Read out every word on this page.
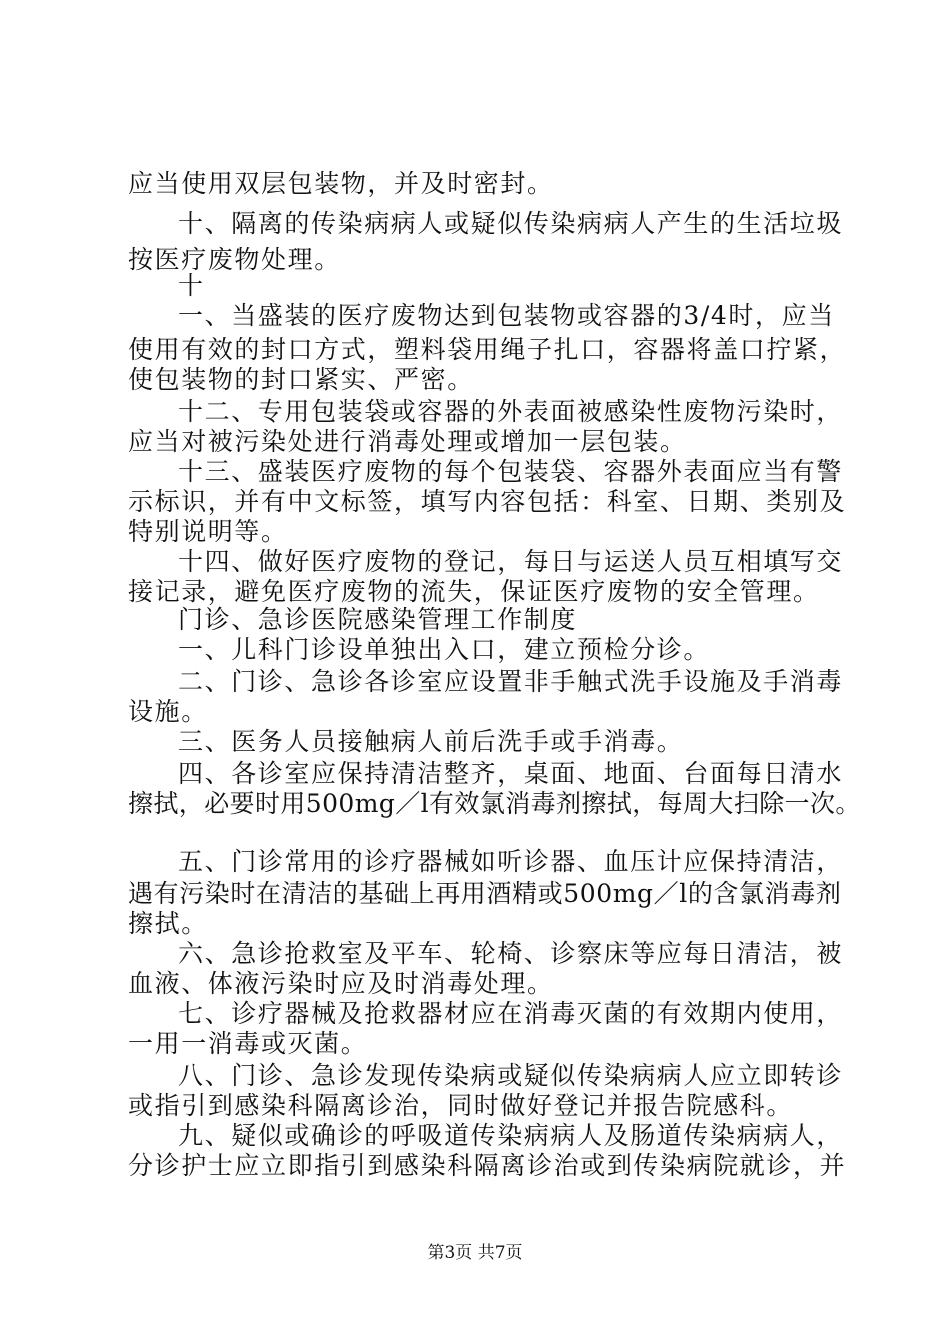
应当使用双层包装物，并及时密封。
十、隔离的传染病病人或疑似传染病病人产生的生活垃圾
按医疗废物处理。
十
一、当盛装的医疗废物达到包装物或容器的3/4时，应当
使用有效的封口方式，塑料袋用绳子扎口，容器将盖口拧紧，
使包装物的封口紧实、严密。
十二、专用包装袋或容器的外表面被感染性废物污染时，
应当对被污染处进行消毒处理或增加一层包装。
十三、盛装医疗废物的每个包装袋、容器外表面应当有警
示标识，并有中文标签，填写内容包括：科室、日期、类别及
特别说明等。
十四、做好医疗废物的登记，每日与运送人员互相填写交
接记录，避免医疗废物的流失，保证医疗废物的安全管理。
门诊、急诊医院感染管理工作制度
一、儿科门诊设单独出入口，建立预检分诊。
二、门诊、急诊各诊室应设置非手触式洗手设施及手消毒
设施。
三、医务人员接触病人前后洗手或手消毒。
四、各诊室应保持清洁整齐，桌面、地面、台面每日清水
擦拭，必要时用500mg／l有效氯消毒剂擦拭，每周大扫除一次。
五、门诊常用的诊疗器械如听诊器、血压计应保持清洁，
遇有污染时在清洁的基础上再用酒精或500mg／l的含氯消毒剂
擦拭。
六、急诊抢救室及平车、轮椅、诊察床等应每日清洁，被
血液、体液污染时应及时消毒处理。
七、诊疗器械及抢救器材应在消毒灭菌的有效期内使用，
一用一消毒或灭菌。
八、门诊、急诊发现传染病或疑似传染病病人应立即转诊
或指引到感染科隔离诊治，同时做好登记并报告院感科。
九、疑似或确诊的呼吸道传染病病人及肠道传染病病人，
分诊护士应立即指引到感染科隔离诊治或到传染病院就诊，并
第3页 共7页
